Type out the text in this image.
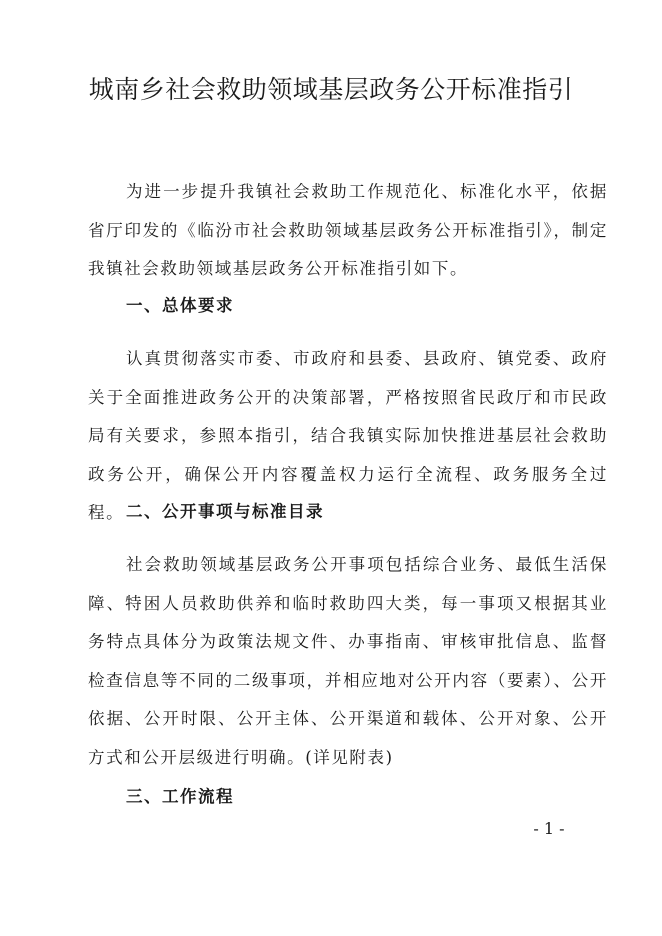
城南乡社会救助领域基层政务公开标准指引

为进一步提升我镇社会救助工作规范化、标准化水平，依据省厅印发的《临汾市社会救助领域基层政务公开标准指引》，制定我镇社会救助领域基层政务公开标准指引如下。

一、总体要求

认真贯彻落实市委、市政府和县委、县政府、镇党委、政府关于全面推进政务公开的决策部署，严格按照省民政厅和市民政局有关要求，参照本指引，结合我镇实际加快推进基层社会救助政务公开，确保公开内容覆盖权力运行全流程、政务服务全过程。 二、公开事项与标准目录

社会救助领域基层政务公开事项包括综合业务、最低生活保障、特困人员救助供养和临时救助四大类，每一事项又根据其业务特点具体分为政策法规文件、办事指南、审核审批信息、监督检查信息等不同的二级事项，并相应地对公开内容（要素）、公开依据、公开时限、公开主体、公开渠道和载体、公开对象、公开方式和公开层级进行明确。(详见附表)

三、工作流程
- 1 -
